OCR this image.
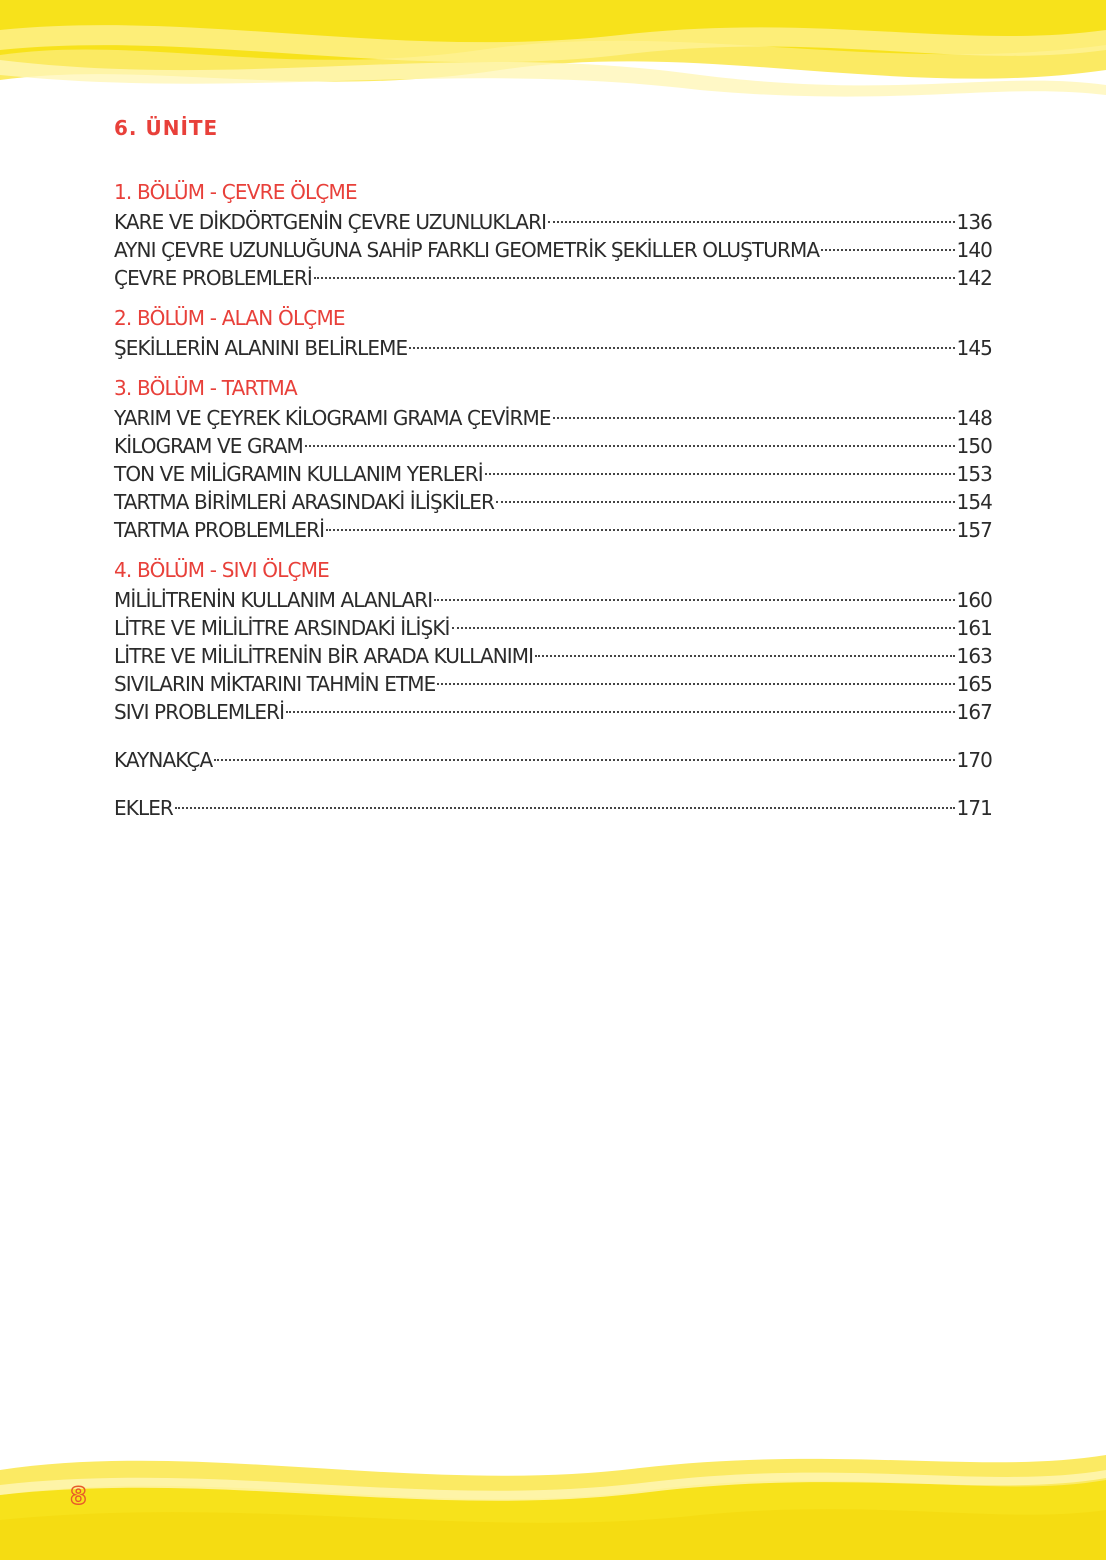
6. ÜNİTE
1. BÖLÜM - ÇEVRE ÖLÇME
KARE VE DİKDÖRTGENİN ÇEVRE UZUNLUKLARI	136
AYNI ÇEVRE UZUNLUĞUNA SAHİP FARKLI GEOMETRİK ŞEKİLLER OLUŞTURMA	140
ÇEVRE PROBLEMLERİ	142
2. BÖLÜM - ALAN ÖLÇME
ŞEKİLLERİN ALANINI BELİRLEME	145
3. BÖLÜM - TARTMA
YARIM VE ÇEYREK KİLOGRAMI GRAMA ÇEVİRME	148
KİLOGRAM VE GRAM	150
TON VE MİLİGRAMIN KULLANIM YERLERİ	153
TARTMA BİRİMLERİ ARASINDAKİ İLİŞKİLER	154
TARTMA PROBLEMLERİ	157
4. BÖLÜM - SIVI ÖLÇME
MİLİLİTRENİN KULLANIM ALANLARI	160
LİTRE VE MİLİLİTRE ARSINDAKİ İLİŞKİ	161
LİTRE VE MİLİLİTRENİN BİR ARADA KULLANIMI	163
SIVILARIN MİKTARINI TAHMİN ETME	165
SIVI PROBLEMLERİ	167
KAYNAKÇA	170
EKLER	171
8
